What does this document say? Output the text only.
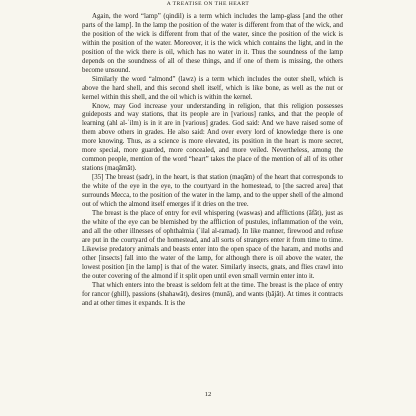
A TREATISE ON THE HEART

Again, the word “lamp” (qindil) is a term which includes the lamp-glass [and the other parts of the lamp]. In the lamp the position of the water is different from that of the wick, and the position of the wick is different from that of the water, since the position of the wick is within the position of the water. Moreover, it is the wick which contains the light, and in the position of the wick there is oil, which has no water in it. Thus the soundness of the lamp depends on the soundness of all of these things, and if one of them is missing, the others become unsound.

Similarly the word “almond” (lawz) is a term which includes the outer shell, which is above the hard shell, and this second shell itself, which is like bone, as well as the nut or kernel within this shell, and the oil which is within the kernel.

Know, may God increase your understanding in religion, that this religion possesses guideposts and way stations, that its people are in [various] ranks, and that the people of learning (ahl al-ʿilm) is in it are in [various] grades. God said: And we have raised some of them above others in grades. He also said: And over every lord of knowledge there is one more knowing. Thus, as a science is more elevated, its position in the heart is more secret, more special, more guarded, more concealed, and more veiled. Nevertheless, among the common people, mention of the word “heart” takes the place of the mention of all of its other stations (maqāmāt).

[35] The breast (ṣadr), in the heart, is that station (maqām) of the heart that corresponds to the white of the eye in the eye, to the courtyard in the homestead, to [the sacred area] that surrounds Mecca, to the position of the water in the lamp, and to the upper shell of the almond out of which the almond itself emerges if it dries on the tree.

The breast is the place of entry for evil whispering (waswas) and afflictions (āfāt), just as the white of the eye can be blemished by the affliction of pustules, inflammation of the vein, and all the other illnesses of ophthalmia (ʿilal al-ramad). In like manner, firewood and refuse are put in the courtyard of the homestead, and all sorts of strangers enter it from time to time. Likewise predatory animals and beasts enter into the open space of the haram, and moths and other [insects] fall into the water of the lamp, for although there is oil above the water, the lowest position [in the lamp] is that of the water. Similarly insects, gnats, and flies crawl into the outer covering of the almond if it split open until even small vermin enter into it.

That which enters into the breast is seldom felt at the time. The breast is the place of entry for rancor (ghill), passions (shahawāt), desires (munā), and wants (ḥājāt). At times it contracts and at other times it expands. It is the

12
